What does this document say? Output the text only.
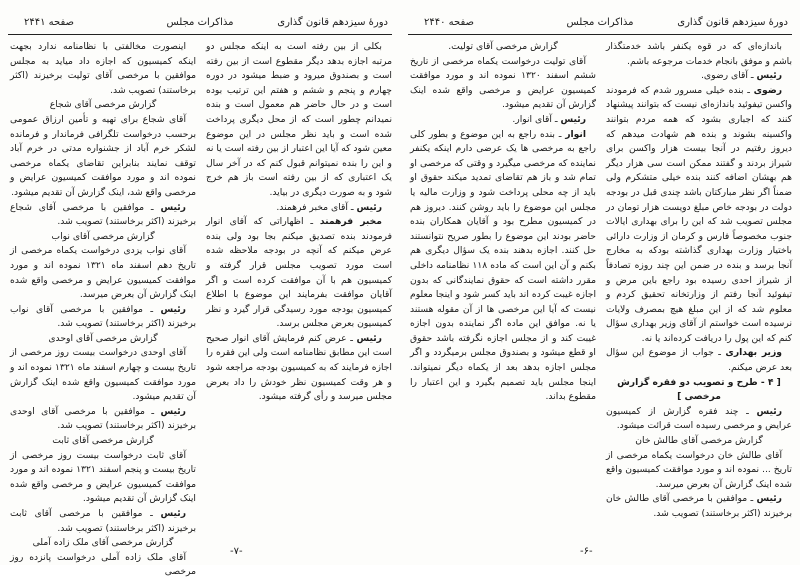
دورهٔ سیزدهم قانون گذاری
مذاکرات مجلس
صفحه ۲۴۴۱

بکلی از بین رفته است به اینکه مجلس دو مرتبه اجازه بدهد دیگر مقطوع است از بین رفته است و بصندوق میرود و ضبط میشود در دوره چهارم و پنجم و ششم و هفتم این ترتیب بوده است و در حال حاضر هم معمول است و بنده نمیدانم چطور است که از محل دیگری پرداخت شده است و باید نظر مجلس در این موضوع معین شود که آیا این اعتبار از بین رفته است یا نه و این را بنده نمیتوانم قبول کنم که در آخر سال یک اعتباری که از بین رفته است باز هم خرج شود و به صورت دیگری در بیاید.

رئیس ـ آقای مخبر فرهمند.

مخبر فرهمند ـ اظهاراتی که آقای انوار فرمودند بنده تصدیق میکنم بجا بود ولی بنده عرض میکنم که آنچه در بودجه ملاحظه شده است مورد تصویب مجلس قرار گرفته و کمیسیون هم با آن موافقت کرده است و اگر آقایان موافقت بفرمایند این موضوع با اطلاع کمیسیون بودجه مورد رسیدگی قرار گیرد و نظر کمیسیون بعرض مجلس برسد.

رئیس ـ عرض کنم فرمایش آقای انوار صحیح است این مطابق نظامنامه است ولی این فقره را اجازه فرمایند که به کمیسیون بودجه مراجعه شود و هر وقت کمیسیون نظر خودش را داد بعرض مجلس میرسد و رأی گرفته میشود.

اینصورت مخالفتی با نظامنامه ندارد بجهت اینکه کمیسیون که اجازه داد میاید به مجلس موافقین با مرخصی آقای تولیت برخیزند (اکثر برخاستند) تصویب شد.

گزارش مرخصی آقای شجاع

آقای شجاع برای تهیه و تأمین ارزاق عمومی برحسب درخواست تلگرافی فرماندار و فرمانده لشکر خرم آباد از جشنواره مدتی در خرم آباد توقف نمایند بنابراین تقاضای یکماه مرخصی نموده اند و مورد موافقت کمیسیون عرایض و مرخصی واقع شد، اینک گزارش آن تقدیم میشود.

رئیس ـ موافقین با مرخصی آقای شجاع برخیزند (اکثر برخاستند) تصویب شد.

گزارش مرخصی آقای نواب

آقای نواب یزدی درخواست یکماه مرخصی از تاریخ دهم اسفند ماه ۱۳۲۱ نموده اند و مورد موافقت کمیسیون عرایض و مرخصی واقع شده اینک گزارش آن بعرض میرسد.

رئیس ـ موافقین با مرخصی آقای نواب برخیزند (اکثر برخاستند) تصویب شد.

گزارش مرخصی آقای اوحدی

آقای اوحدی درخواست بیست روز مرخصی از تاریخ بیست و چهارم اسفند ماه ۱۳۲۱ نموده اند و مورد موافقت کمیسیون واقع شده اینک گزارش آن تقدیم میشود.

رئیس ـ موافقین با مرخصی آقای اوحدی برخیزند (اکثر برخاستند) تصویب شد.

گزارش مرخصی آقای ثابت

آقای ثابت درخواست بیست روز مرخصی از تاریخ بیست و پنجم اسفند ۱۳۲۱ نموده اند و مورد موافقت کمیسیون عرایض و مرخصی واقع شده اینک گزارش آن تقدیم میشود.

رئیس ـ موافقین با مرخصی آقای ثابت برخیزند (اکثر برخاستند) تصویب شد.

گزارش مرخصی آقای ملک زاده آملی

آقای ملک زاده آملی درخواست پانزده روز مرخصی

-۷-
دورهٔ سیزدهم قانون گذاری
مذاکرات مجلس
صفحه ۲۴۴۰

باندازه‌ای که در قوه یکنفر باشد خدمتگذار باشم و موفق بانجام خدمات مرجوعه باشم.

رئیس ـ آقای رضوی.

رضوی ـ بنده خیلی مسرور شدم که فرمودند واکسن تیفوئید باندازه‌ای نیست که بتوانند پیشنهاد کنند که اجباری بشود که همه مردم بتوانند واکسینه بشوند و بنده هم شهادت میدهم که دیروز رفتیم در آنجا بیست هزار واکسن برای شیراز بردند و گفتند ممکن است سی هزار دیگر هم بهشان اضافه کنند بنده خیلی متشکرم ولی ضمناً اگر نظر مبارکتان باشد چندی قبل در بودجه دولت در بودجه خاص مبلغ دویست هزار تومان در مجلس تصویب شد که این را برای بهداری ایالات جنوب مخصوصاً فارس و کرمان از وزارت دارائی باختیار وزارت بهداری گذاشته بودکه به مخارج آنجا برسد و بنده در ضمن این چند روزه تصادفاً از شیراز احدی رسیده بود راجع باین مرض و تیفوئید آنجا رفتم از وزارتخانه تحقیق کردم و معلوم شد که از این مبلغ هیچ بمصرف ولایات نرسیده است خواستم از آقای وزیر بهداری سؤال کنم که این پول را دریافت کرده‌اند یا نه.

وزیر بهداری ـ جواب از موضوع این سؤال بعد عرض میکنم.

[ ۴ - طرح و تصویب دو فقره گزارش مرخصی ]

رئیس ـ چند فقره گزارش از کمیسیون عرایض و مرخصی رسیده است قرائت میشود.

گزارش مرخصی آقای طالش خان

آقای طالش خان درخواست یکماه مرخصی از تاریخ ... نموده اند و مورد موافقت کمیسیون واقع شده اینک گزارش آن بعرض میرسد.

رئیس ـ موافقین با مرخصی آقای طالش خان برخیزند (اکثر برخاستند) تصویب شد.

گزارش مرخصی آقای تولیت.

آقای تولیت درخواست یکماه مرخصی از تاریخ ششم اسفند ۱۳۲۰ نموده اند و مورد موافقت کمیسیون عرایض و مرخصی واقع شده اینک گزارش آن تقدیم میشود.

رئیس ـ آقای انوار.

انوار ـ بنده راجع به این موضوع و بطور کلی راجع به مرخصی ها یک عرضی دارم اینکه یکنفر نماینده که مرخصی میگیرد و وقتی که مرخصی او تمام شد و باز هم تقاضای تمدید میکند حقوق او باید از چه محلی پرداخت شود و وزارت مالیه یا مجلس این موضوع را باید روشن کنند. دیروز هم در کمیسیون مطرح بود و آقایان همکاران بنده حاضر بودند این موضوع را بطور صریح نتوانستند حل کنند. اجازه بدهند بنده یک سؤال دیگری هم بکنم و آن این است که ماده ۱۱۸ نظامنامه داخلی مقرر داشته است که حقوق نمایندگانی که بدون اجازه غیبت کرده اند باید کسر شود و اینجا معلوم نیست که آیا این مرخصی ها از آن مقوله هستند یا نه. موافق این ماده اگر نماینده بدون اجازه غیبت کند و از مجلس اجازه نگرفته باشد حقوق او قطع میشود و بصندوق مجلس برمیگردد و اگر مجلس اجازه بدهد بعد از یکماه دیگر نمیتواند. اینجا مجلس باید تصمیم بگیرد و این اعتبار را مقطوع بداند.

-۶-
